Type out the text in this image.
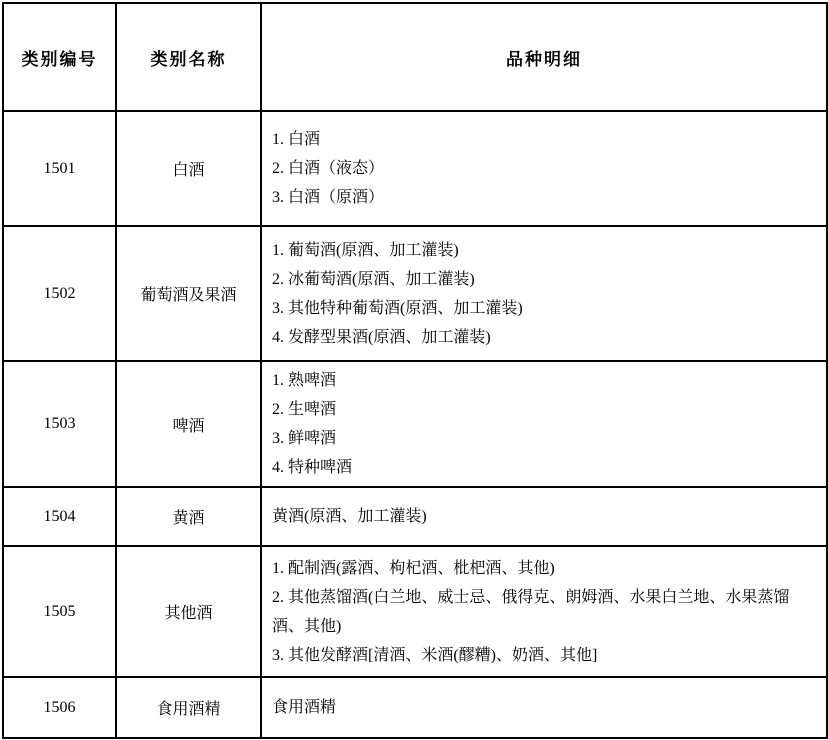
类别编号	类别名称	品种明细
1501	白酒	1. 白酒
2. 白酒（液态）
3. 白酒（原酒）

1502	葡萄酒及果酒	1. 葡萄酒(原酒、加工灌装)
2. 冰葡萄酒(原酒、加工灌装)
3. 其他特种葡萄酒(原酒、加工灌装)
4. 发酵型果酒(原酒、加工灌装)

1503	啤酒	1. 熟啤酒
2. 生啤酒
3. 鲜啤酒
4. 特种啤酒

1504	黄酒	黄酒(原酒、加工灌装)

1505	其他酒	1. 配制酒(露酒、枸杞酒、枇杷酒、其他)
2. 其他蒸馏酒(白兰地、威士忌、俄得克、朗姆酒、水果白兰地、水果蒸馏酒、其他)
3. 其他发酵酒[清酒、米酒(醪糟)、奶酒、其他]

1506	食用酒精	食用酒精
